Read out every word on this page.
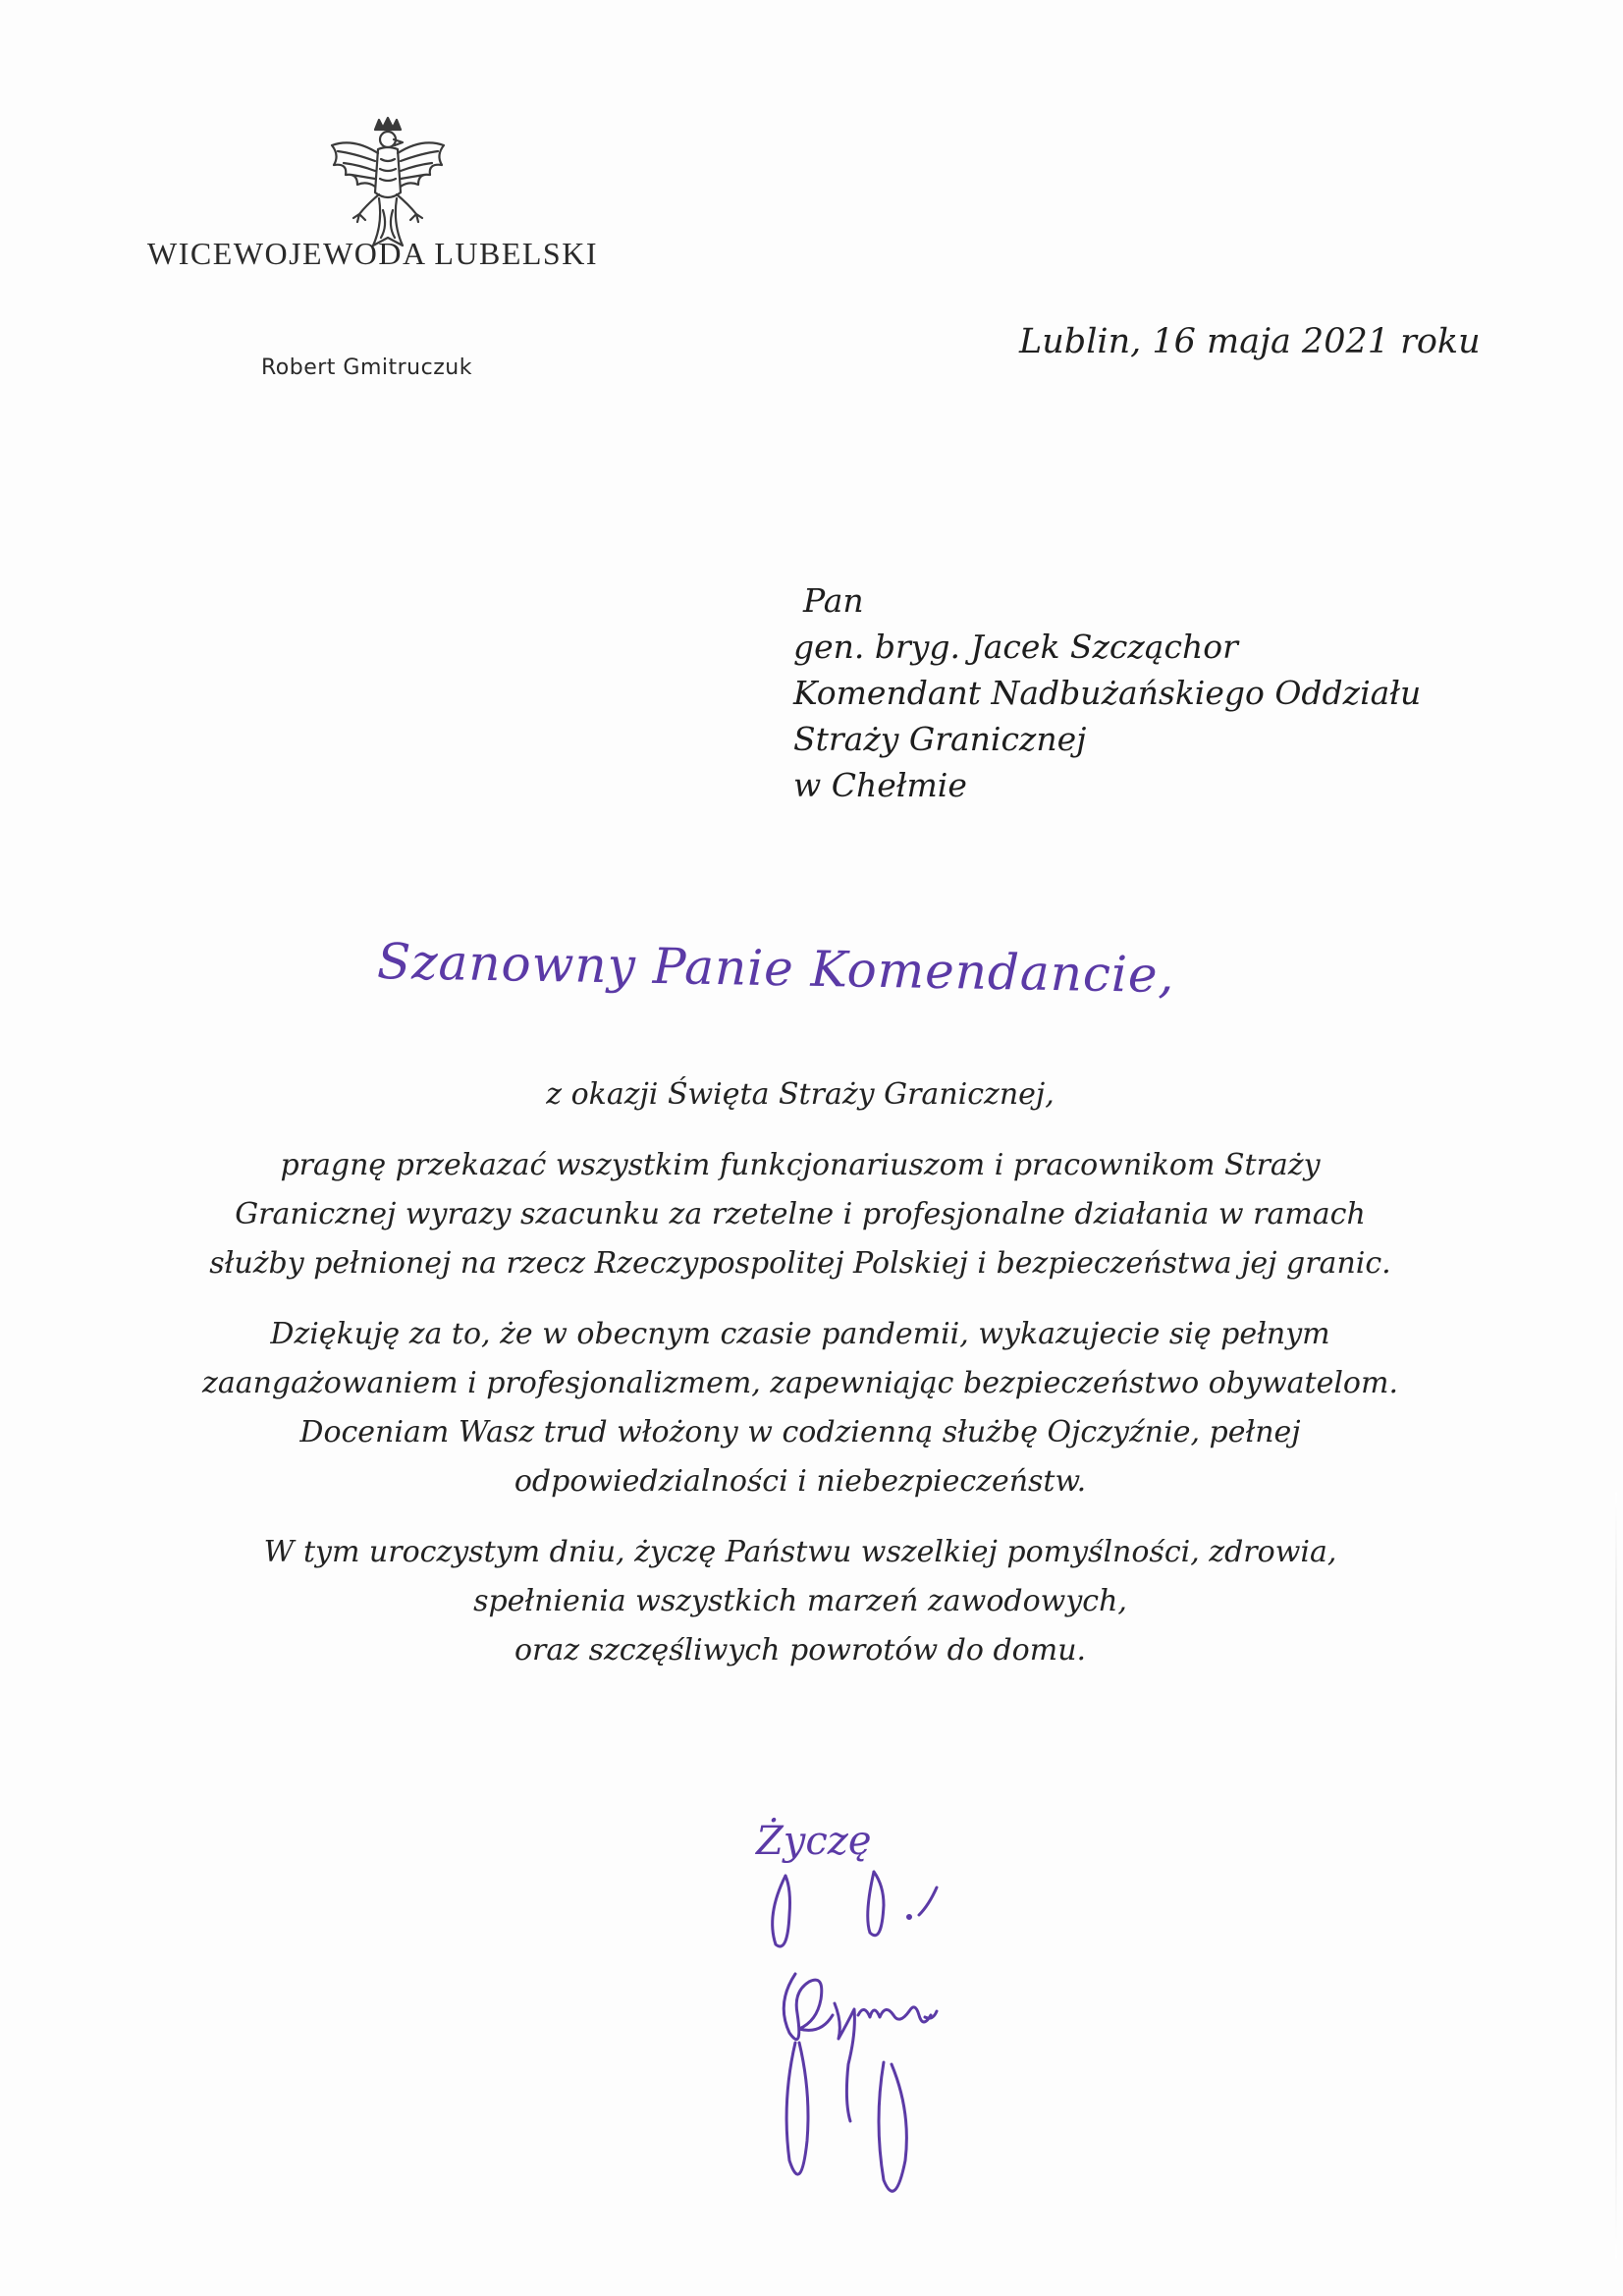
WICEWOJEWODA LUBELSKI
Robert Gmitruczuk
Lublin, 16 maja 2021 roku
Pan
gen. bryg. Jacek Szcząchor
Komendant Nadbużańskiego Oddziału
Straży Granicznej
w Chełmie
Szanowny Panie Komendancie,

z okazji Święta Straży Granicznej,

pragnę przekazać wszystkim funkcjonariuszom i pracownikom Straży
Granicznej wyrazy szacunku za rzetelne i profesjonalne działania w ramach
służby pełnionej na rzecz Rzeczypospolitej Polskiej i bezpieczeństwa jej granic.

Dziękuję za to, że w obecnym czasie pandemii, wykazujecie się pełnym
zaangażowaniem i profesjonalizmem, zapewniając bezpieczeństwo obywatelom.
Doceniam Wasz trud włożony w codzienną służbę Ojczyźnie, pełnej
odpowiedzialności i niebezpieczeństw.

W tym uroczystym dniu, życzę Państwu wszelkiej pomyślności, zdrowia,
spełnienia wszystkich marzeń zawodowych,
oraz szczęśliwych powrotów do domu.

Życzę
